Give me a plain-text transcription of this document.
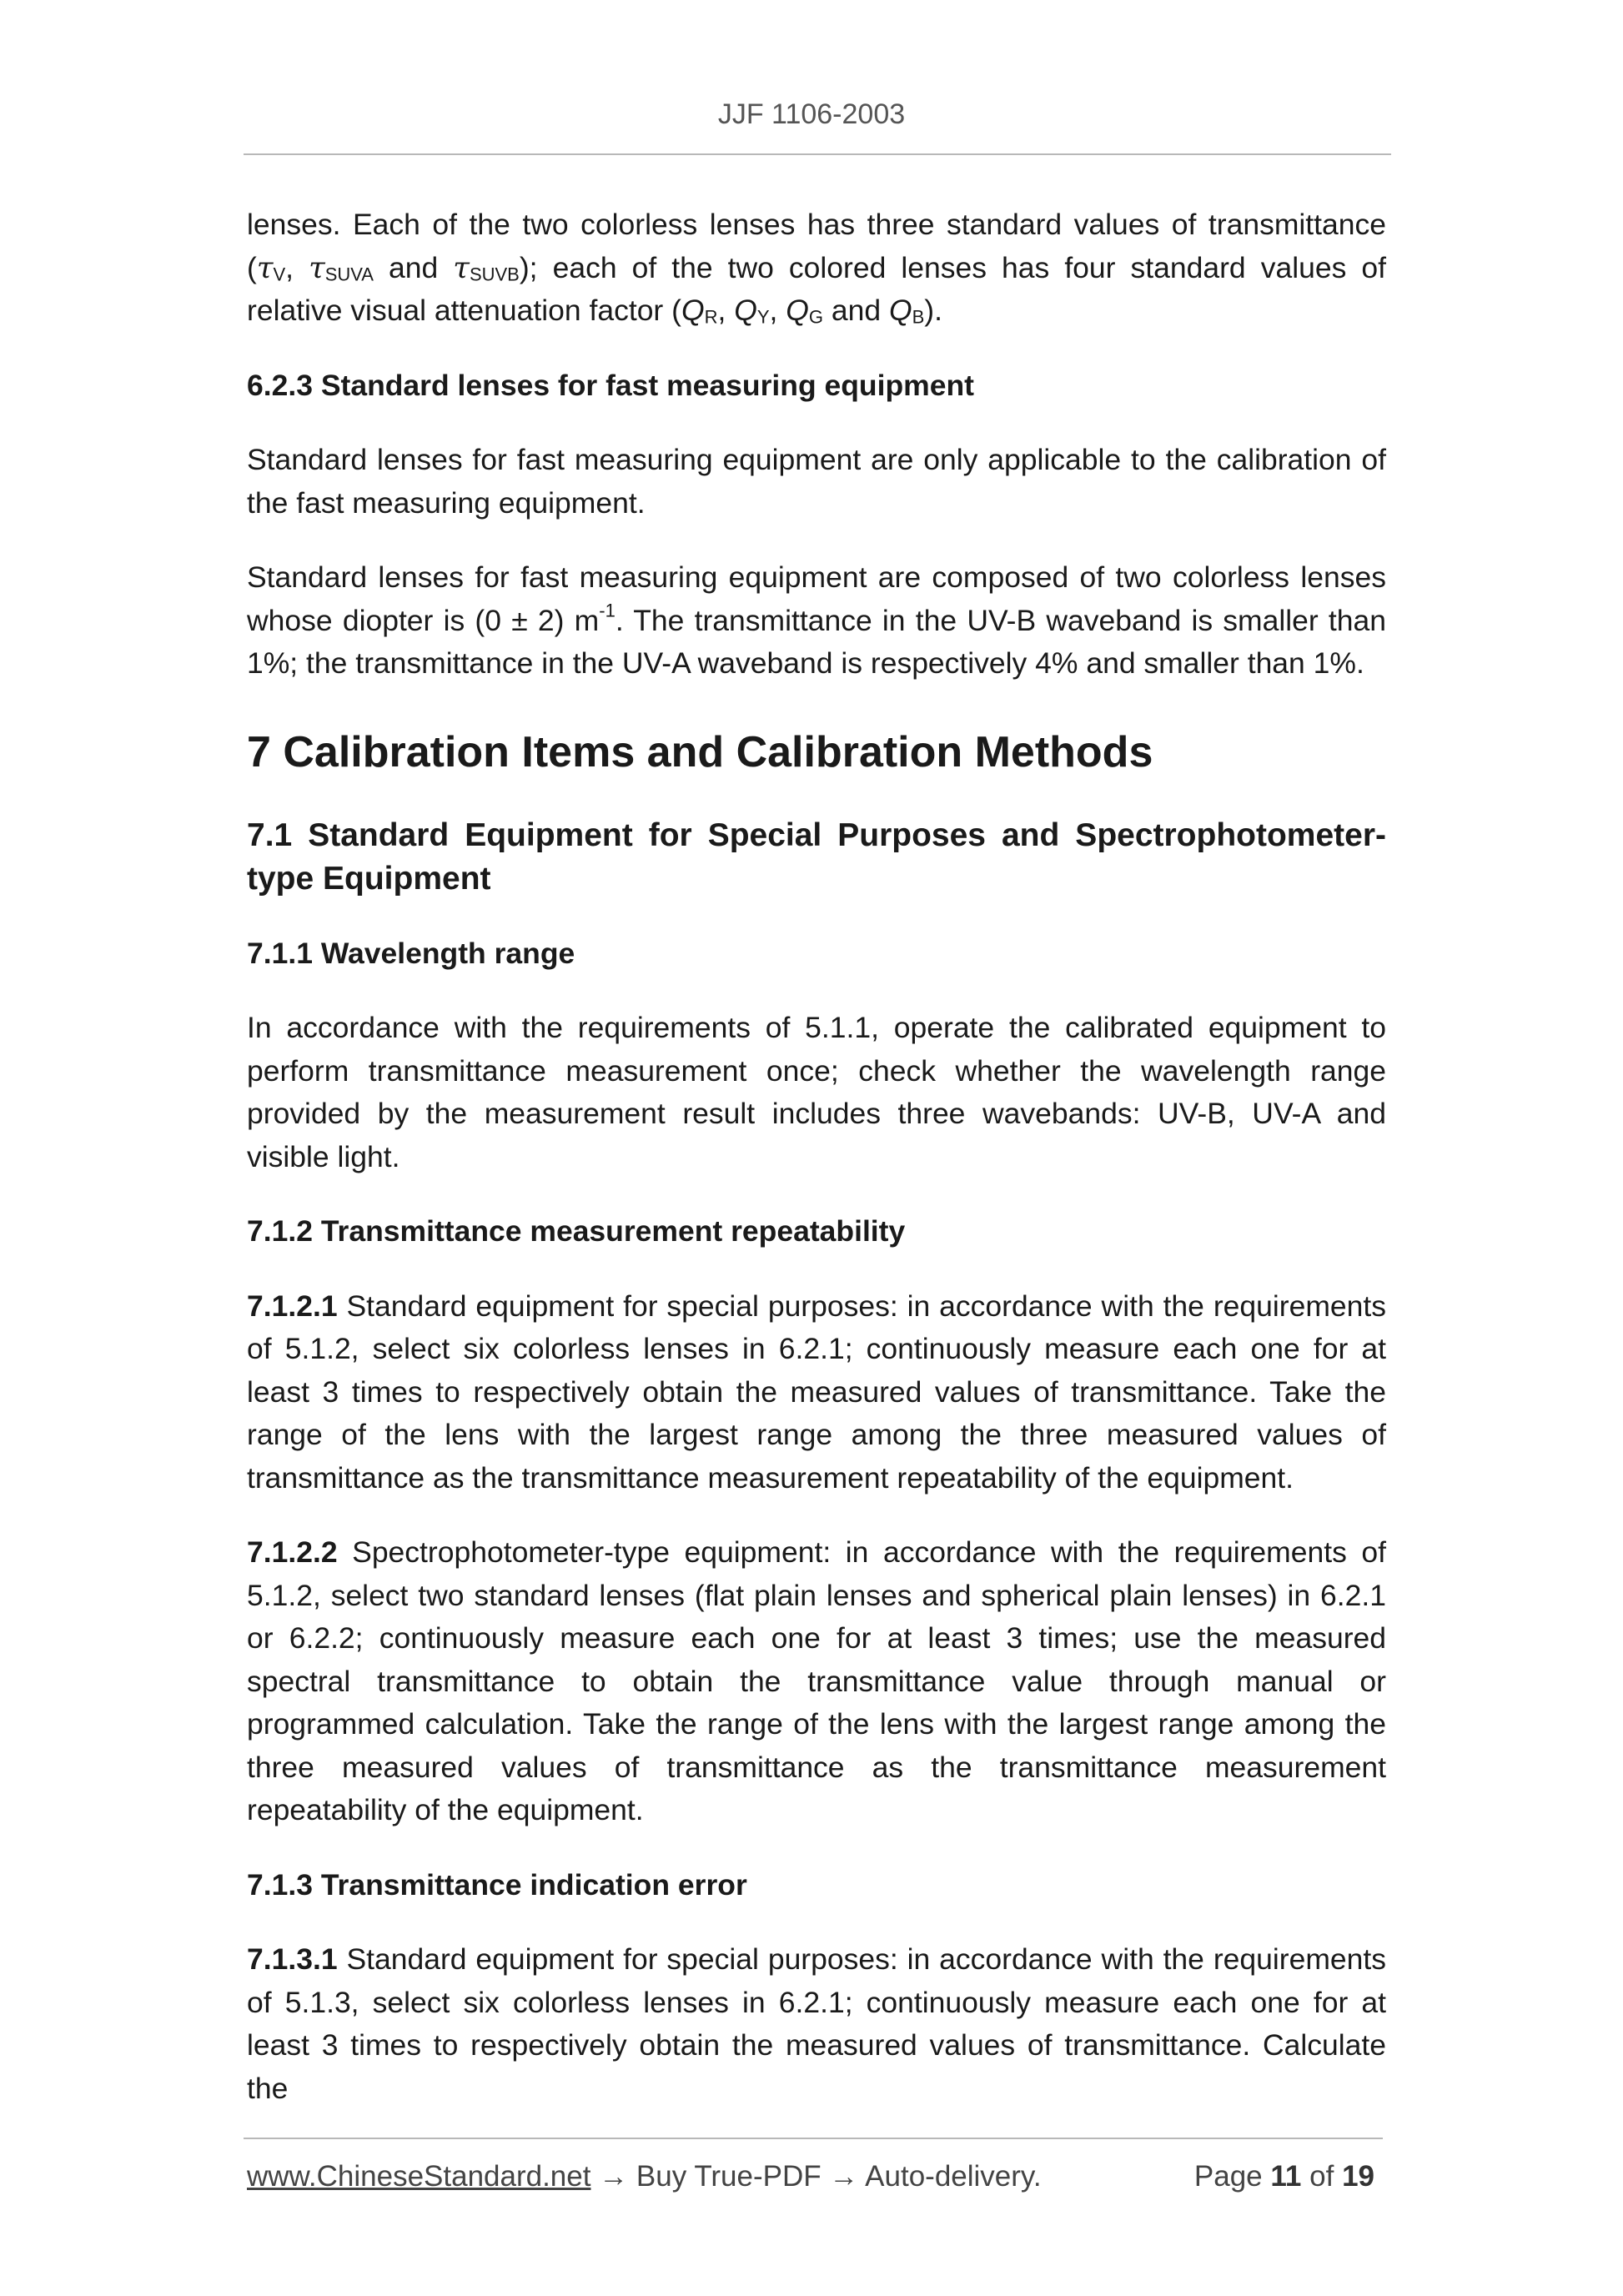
JJF 1106-2003

lenses. Each of the two colorless lenses has three standard values of transmittance ($\tau_V$, $\tau_{SUVA}$ and $\tau_{SUVB}$); each of the two colored lenses has four standard values of relative visual attenuation factor ($Q_R$, $Q_Y$, $Q_G$ and $Q_B$).

6.2.3 Standard lenses for fast measuring equipment

Standard lenses for fast measuring equipment are only applicable to the calibration of the fast measuring equipment.

Standard lenses for fast measuring equipment are composed of two colorless lenses whose diopter is (0 ± 2) $m^{-1}$. The transmittance in the UV-B waveband is smaller than 1%; the transmittance in the UV-A waveband is respectively 4% and smaller than 1%.

7 Calibration Items and Calibration Methods
7.1 Standard Equipment for Special Purposes and Spectrophotometer-type Equipment
7.1.1 Wavelength range

In accordance with the requirements of 5.1.1, operate the calibrated equipment to perform transmittance measurement once; check whether the wavelength range provided by the measurement result includes three wavebands: UV-B, UV-A and visible light.

7.1.2 Transmittance measurement repeatability

7.1.2.1 Standard equipment for special purposes: in accordance with the requirements of 5.1.2, select six colorless lenses in 6.2.1; continuously measure each one for at least 3 times to respectively obtain the measured values of transmittance. Take the range of the lens with the largest range among the three measured values of transmittance as the transmittance measurement repeatability of the equipment.

7.1.2.2 Spectrophotometer-type equipment: in accordance with the requirements of 5.1.2, select two standard lenses (flat plain lenses and spherical plain lenses) in 6.2.1 or 6.2.2; continuously measure each one for at least 3 times; use the measured spectral transmittance to obtain the transmittance value through manual or programmed calculation. Take the range of the lens with the largest range among the three measured values of transmittance as the transmittance measurement repeatability of the equipment.

7.1.3 Transmittance indication error

7.1.3.1 Standard equipment for special purposes: in accordance with the requirements of 5.1.3, select six colorless lenses in 6.2.1; continuously measure each one for at least 3 times to respectively obtain the measured values of transmittance. Calculate the

www.ChineseStandard.net → Buy True-PDF → Auto-delivery.	Page 11 of 19
